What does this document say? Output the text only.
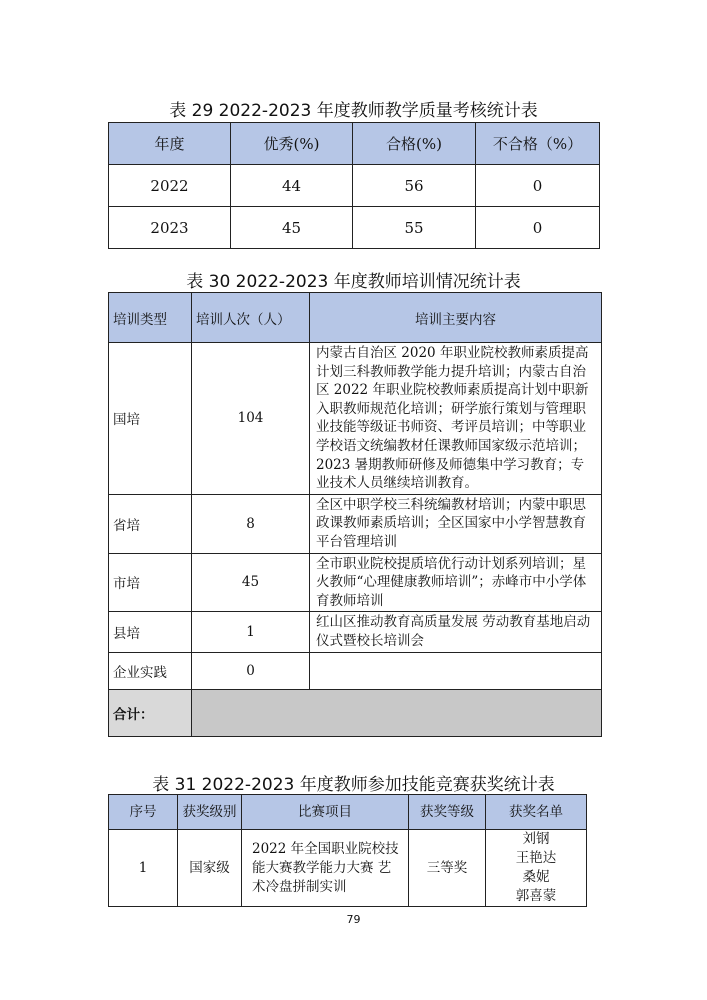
表 29 2022-2023 年度教师教学质量考核统计表
年度	优秀(%)	合格(%)	不合格（%）
2022	44	56	0
2023	45	55	0
表 30 2022-2023 年度教师培训情况统计表
培训类型	培训人次（人）	培训主要内容
国培	104	内蒙古自治区 2020 年职业院校教师素质提高计划三科教师教学能力提升培训；内蒙古自治区 2022 年职业院校教师素质提高计划中职新入职教师规范化培训；研学旅行策划与管理职业技能等级证书师资、考评员培训；中等职业学校语文统编教材任课教师国家级示范培训；2023 暑期教师研修及师德集中学习教育；专业技术人员继续培训教育。
省培	8	全区中职学校三科统编教材培训；内蒙中职思政课教师素质培训；全区国家中小学智慧教育平台管理培训
市培	45	全市职业院校提质培优行动计划系列培训；星火教师“心理健康教师培训”；赤峰市中小学体育教师培训
县培	1	红山区推动教育高质量发展 劳动教育基地启动仪式暨校长培训会
企业实践	0	
合计：		
表 31 2022-2023 年度教师参加技能竞赛获奖统计表
序号	获奖级别	比赛项目	获奖等级	获奖名单
1	国家级	2022 年全国职业院校技能大赛教学能力大赛 艺术冷盘拼制实训	三等奖	刘钢
王艳达
桑妮
郭喜蒙
79
